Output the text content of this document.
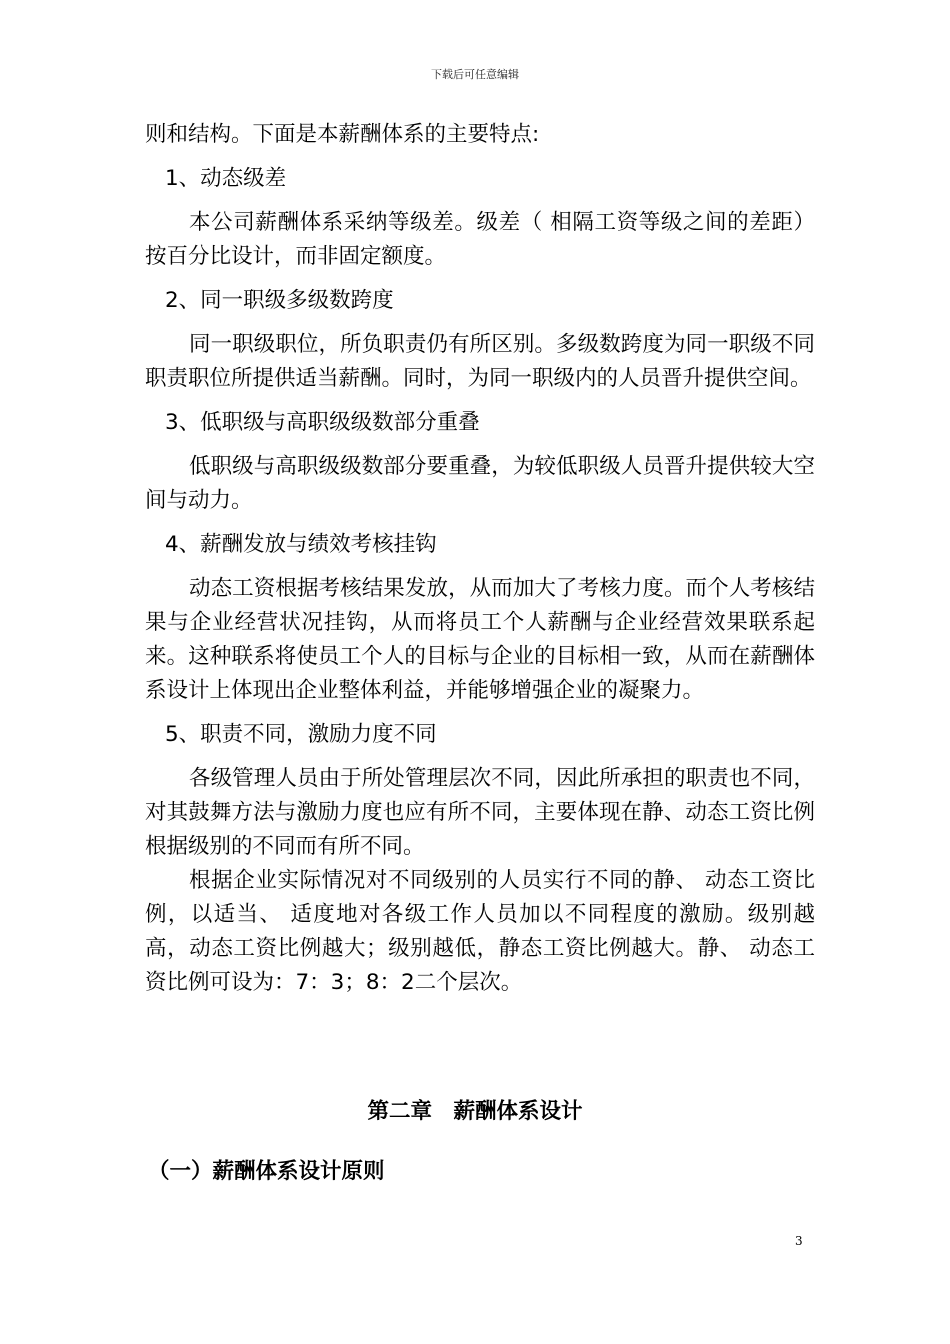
下载后可任意编辑
则和结构。下面是本薪酬体系的主要特点:
1、动态级差
本公司薪酬体系采纳等级差。级差（ 相隔工资等级之间的差距）按百分比设计，而非固定额度。
2、同一职级多级数跨度
同一职级职位，所负职责仍有所区别。多级数跨度为同一职级不同职责职位所提供适当薪酬。同时，为同一职级内的人员晋升提供空间。
3、低职级与高职级级数部分重叠
低职级与高职级级数部分要重叠，为较低职级人员晋升提供较大空间与动力。
4、薪酬发放与绩效考核挂钩
动态工资根据考核结果发放，从而加大了考核力度。而个人考核结果与企业经营状况挂钩，从而将员工个人薪酬与企业经营效果联系起来。这种联系将使员工个人的目标与企业的目标相一致，从而在薪酬体系设计上体现出企业整体利益，并能够增强企业的凝聚力。
5、职责不同，激励力度不同
各级管理人员由于所处管理层次不同，因此所承担的职责也不同，对其鼓舞方法与激励力度也应有所不同，主要体现在静、动态工资比例根据级别的不同而有所不同。
根据企业实际情况对不同级别的人员实行不同的静、 动态工资比例，以适当、 适度地对各级工作人员加以不同程度的激励。级别越高，动态工资比例越大；级别越低，静态工资比例越大。静、 动态工资比例可设为：7：3；8：2二个层次。
第二章　薪酬体系设计
（一）薪酬体系设计原则
3
